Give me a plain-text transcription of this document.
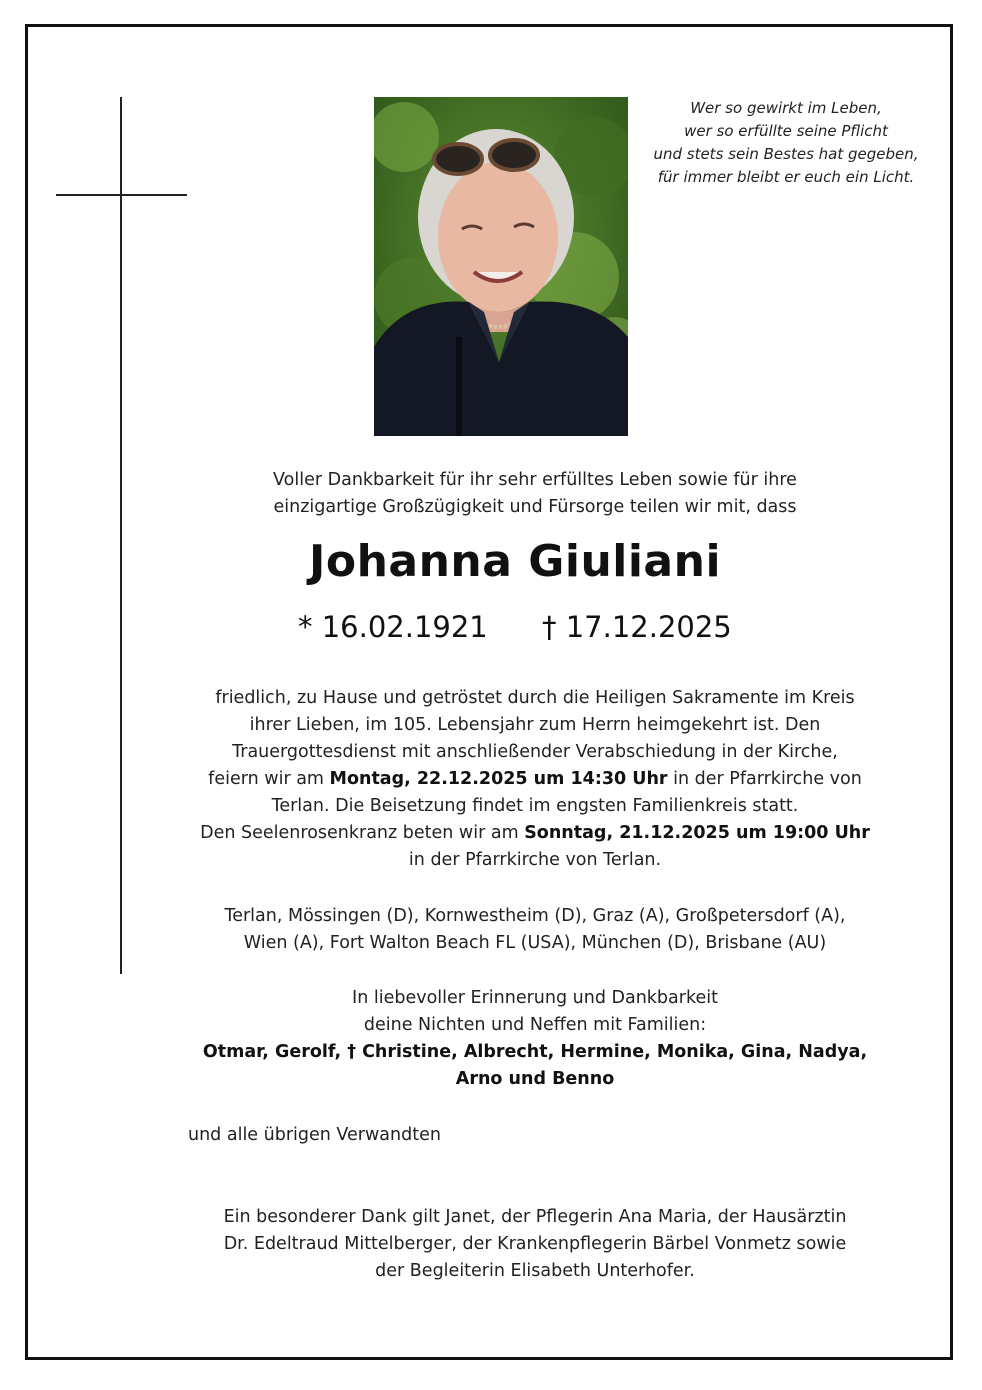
Wer so gewirkt im Leben,
wer so erfüllte seine Pflicht
und stets sein Bestes hat gegeben,
für immer bleibt er euch ein Licht.
Voller Dankbarkeit für ihr sehr erfülltes Leben sowie für ihre
einzigartige Großzügigkeit und Fürsorge teilen wir mit, dass
Johanna Giuliani
* 16.02.1921 † 17.12.2025
friedlich, zu Hause und getröstet durch die Heiligen Sakramente im Kreis
ihrer Lieben, im 105. Lebensjahr zum Herrn heimgekehrt ist. Den
Trauergottesdienst mit anschließender Verabschiedung in der Kirche,
feiern wir am Montag, 22.12.2025 um 14:30 Uhr in der Pfarrkirche von
Terlan. Die Beisetzung findet im engsten Familienkreis statt.
Den Seelenrosenkranz beten wir am Sonntag, 21.12.2025 um 19:00 Uhr
in der Pfarrkirche von Terlan.
Terlan, Mössingen (D), Kornwestheim (D), Graz (A), Großpetersdorf (A),
Wien (A), Fort Walton Beach FL (USA), München (D), Brisbane (AU)
In liebevoller Erinnerung und Dankbarkeit
deine Nichten und Neffen mit Familien:
Otmar, Gerolf, † Christine, Albrecht, Hermine, Monika, Gina, Nadya,
Arno und Benno
und alle übrigen Verwandten
Ein besonderer Dank gilt Janet, der Pflegerin Ana Maria, der Hausärztin
Dr. Edeltraud Mittelberger, der Krankenpflegerin Bärbel Vonmetz sowie
der Begleiterin Elisabeth Unterhofer.
